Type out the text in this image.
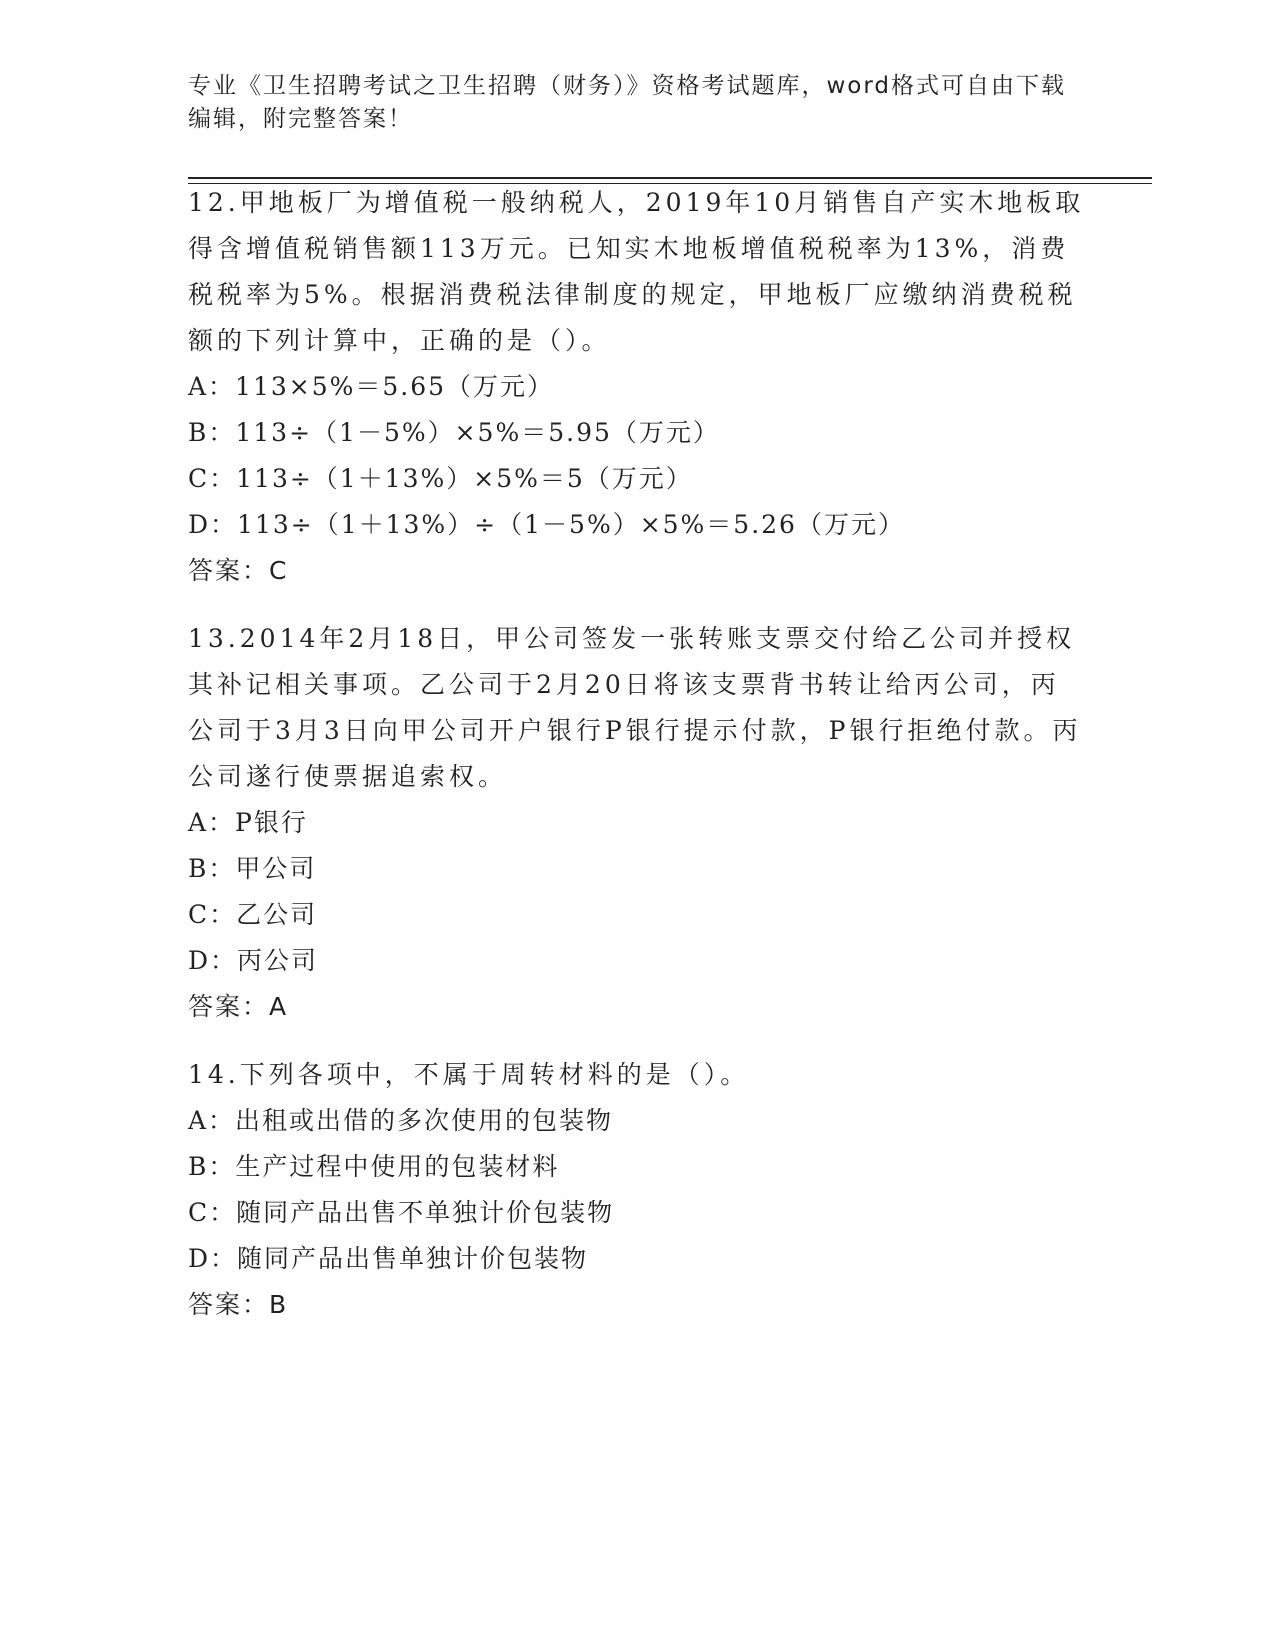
专业《卫生招聘考试之卫生招聘（财务）》资格考试题库，word格式可自由下载编辑，附完整答案！

12.甲地板厂为增值税一般纳税人，2019年10月销售自产实木地板取得含增值税销售额113万元。已知实木地板增值税税率为13%，消费税税率为5%。根据消费税法律制度的规定，甲地板厂应缴纳消费税税额的下列计算中，正确的是（）。

A：113×5%＝5.65（万元）

B：113÷（1－5%）×5%＝5.95（万元）

C：113÷（1＋13%）×5%＝5（万元）

D：113÷（1＋13%）÷（1－5%）×5%＝5.26（万元）

答案：C

13.2014年2月18日，甲公司签发一张转账支票交付给乙公司并授权其补记相关事项。乙公司于2月20日将该支票背书转让给丙公司，丙公司于3月3日向甲公司开户银行P银行提示付款，P银行拒绝付款。丙公司遂行使票据追索权。

A：P银行

B：甲公司

C：乙公司

D：丙公司

答案：A

14.下列各项中，不属于周转材料的是（）。

A：出租或出借的多次使用的包装物

B：生产过程中使用的包装材料

C：随同产品出售不单独计价包装物

D：随同产品出售单独计价包装物

答案：B
